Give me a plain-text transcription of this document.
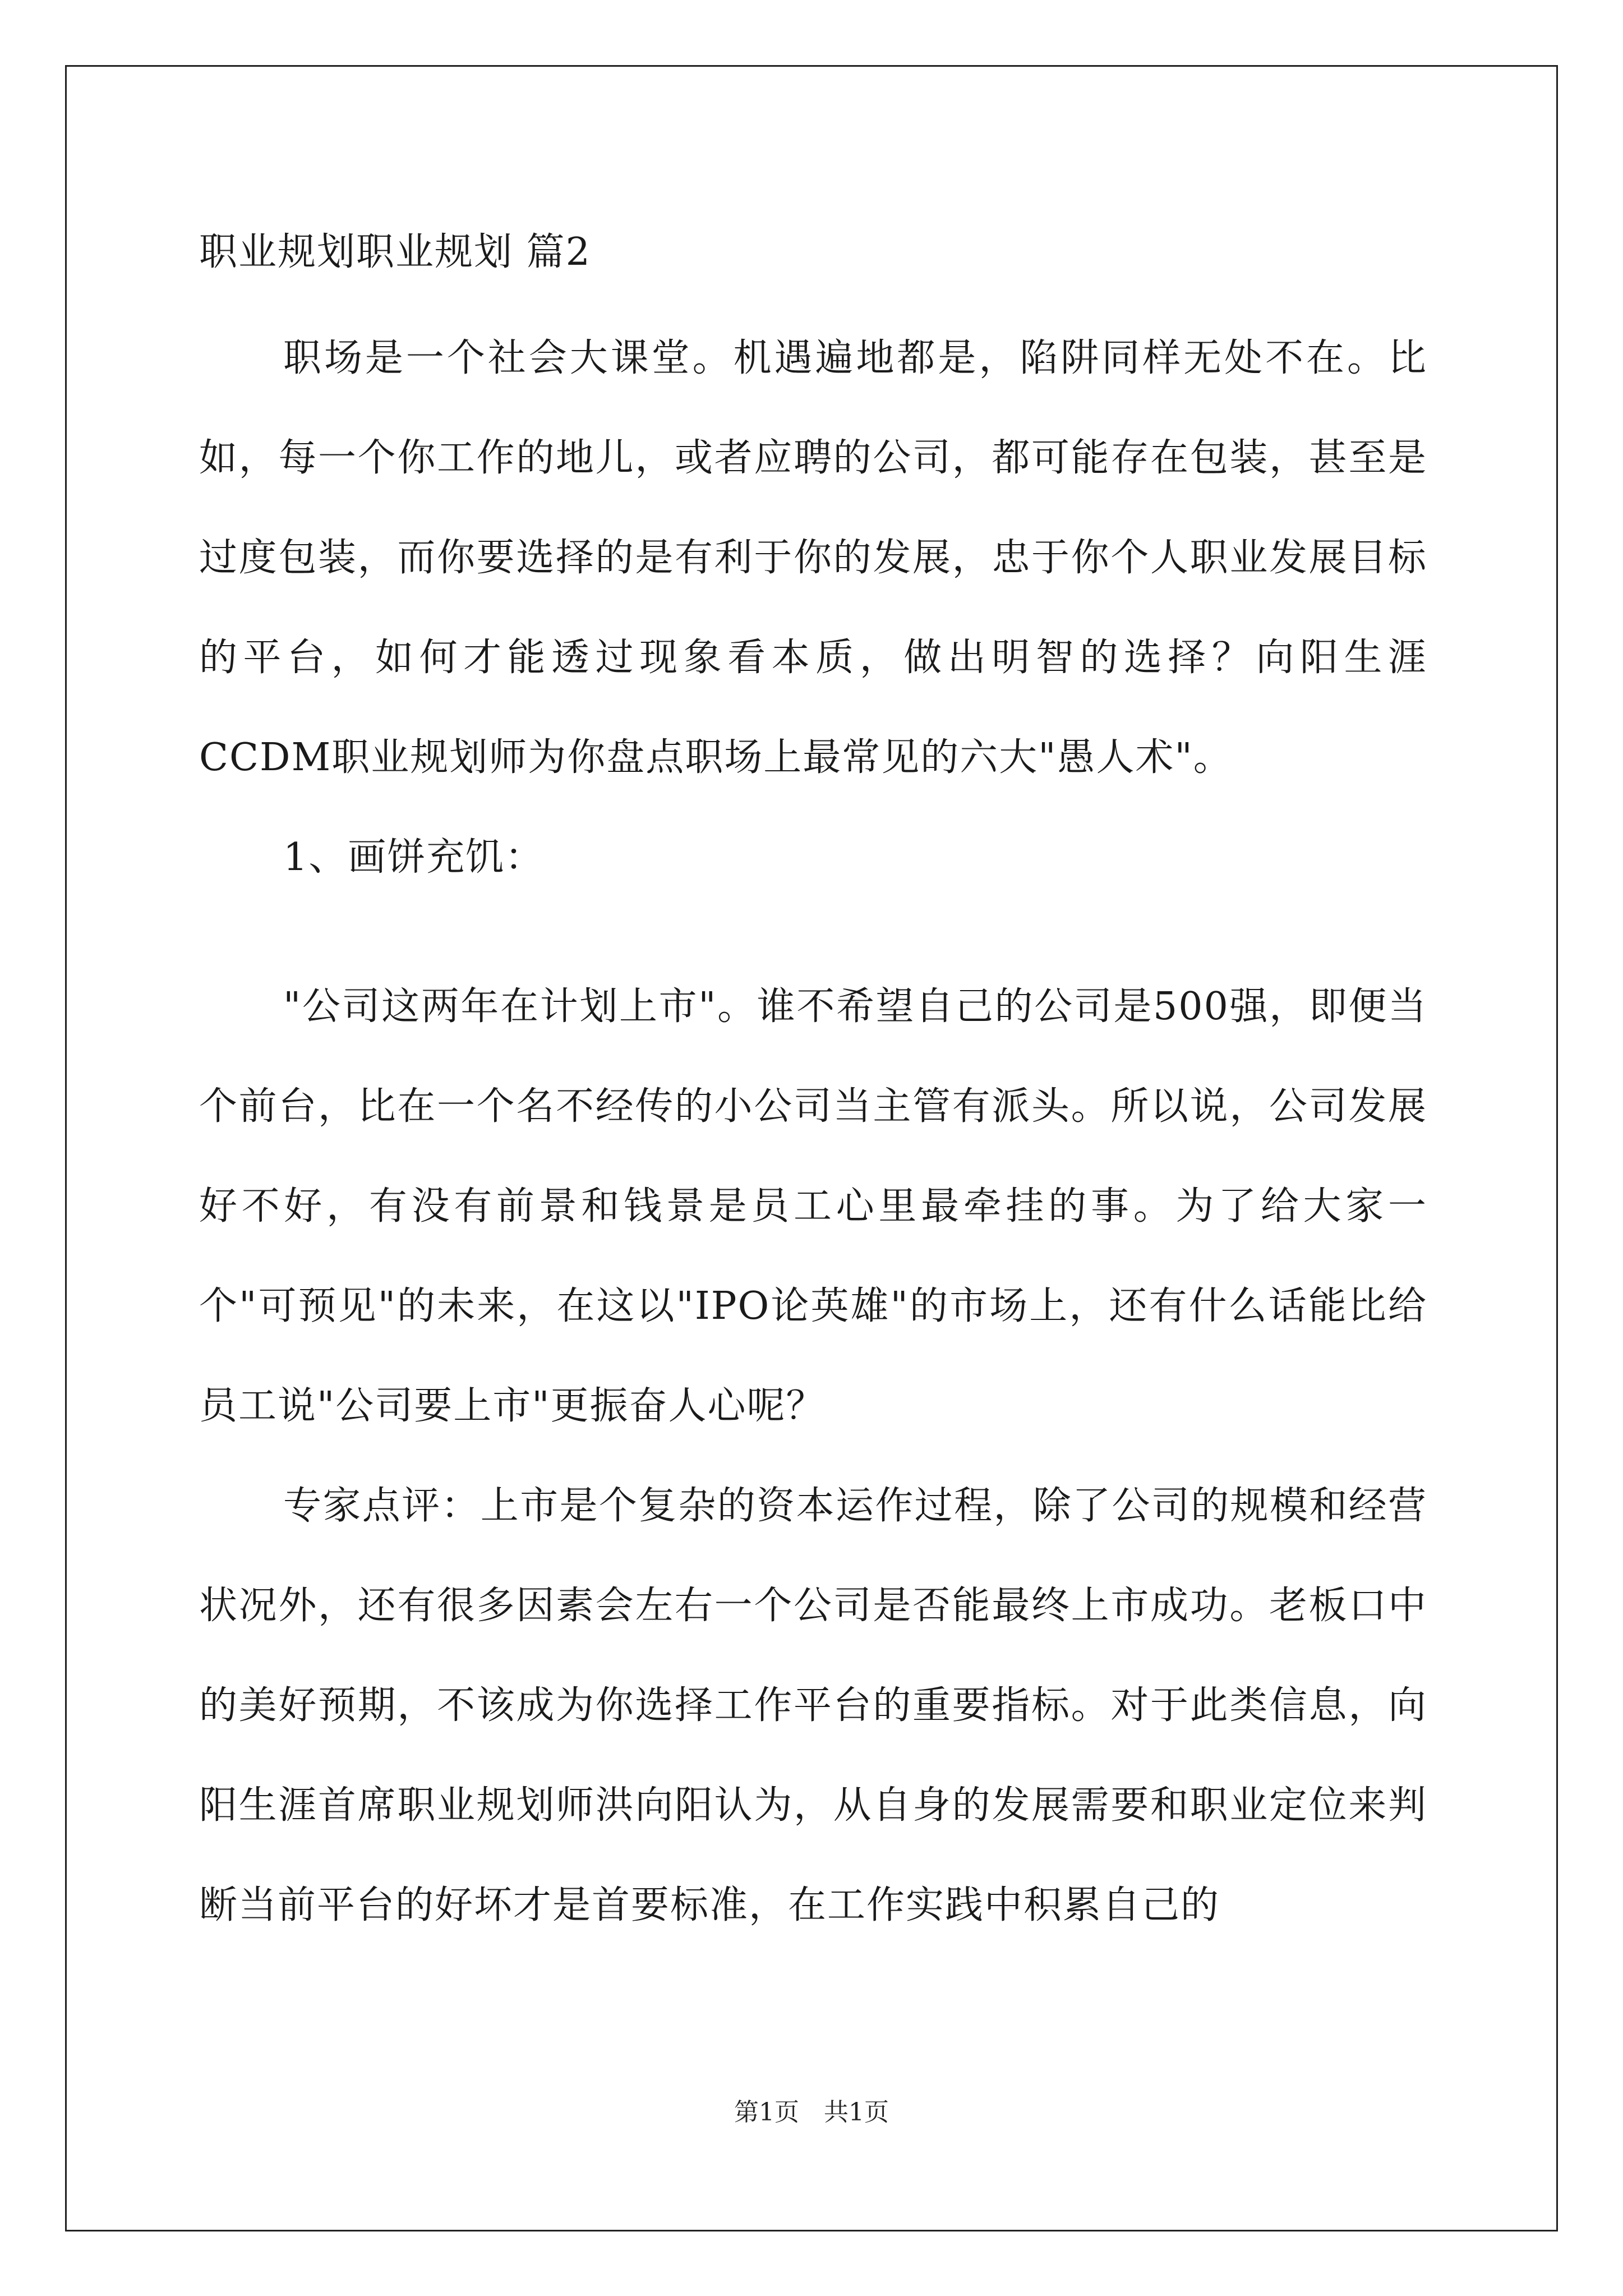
职业规划职业规划 篇2
职场是一个社会大课堂。机遇遍地都是，陷阱同样无处不在。比如，每一个你工作的地儿，或者应聘的公司，都可能存在包装，甚至是过度包装，而你要选择的是有利于你的发展，忠于你个人职业发展目标的平台，如何才能透过现象看本质，做出明智的选择？向阳生涯CCDM职业规划师为你盘点职场上最常见的六大"愚人术"。
1、画饼充饥：
"公司这两年在计划上市"。谁不希望自己的公司是500强，即便当个前台，比在一个名不经传的小公司当主管有派头。所以说，公司发展好不好，有没有前景和钱景是员工心里最牵挂的事。为了给大家一个"可预见"的未来，在这以"IPO论英雄"的市场上，还有什么话能比给员工说"公司要上市"更振奋人心呢？
专家点评：上市是个复杂的资本运作过程，除了公司的规模和经营状况外，还有很多因素会左右一个公司是否能最终上市成功。老板口中的美好预期，不该成为你选择工作平台的重要指标。对于此类信息，向阳生涯首席职业规划师洪向阳认为，从自身的发展需要和职业定位来判断当前平台的好坏才是首要标准，在工作实践中积累自己的
第1页　共1页
